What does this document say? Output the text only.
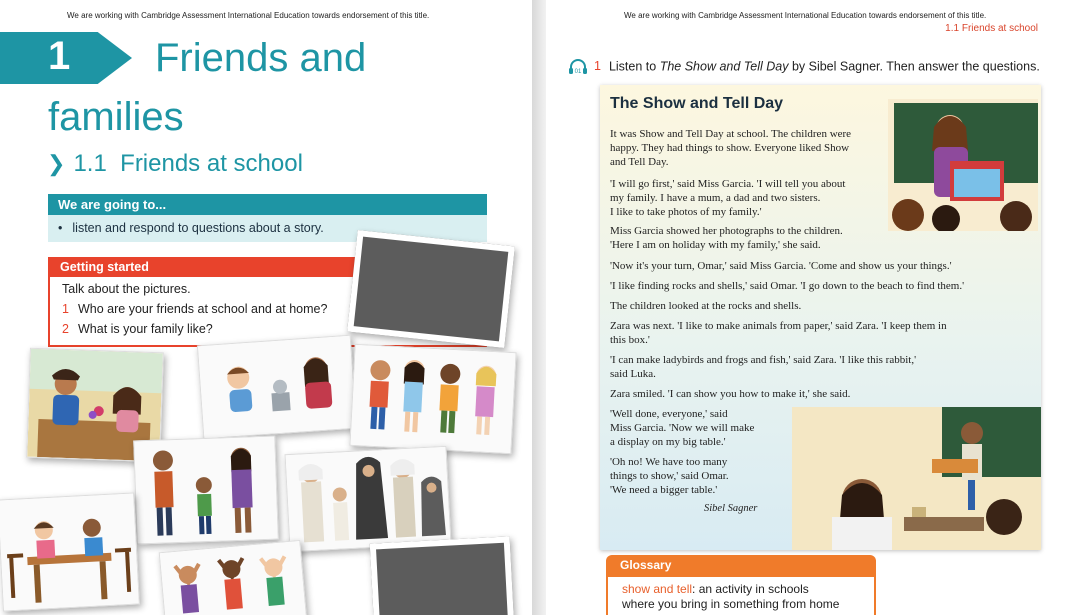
We are working with Cambridge Assessment International Education towards endorsement of this title.
1 Friends and
families
❯ 1.1 Friends at school
We are going to...
• listen and respond to questions about a story.
Getting started
Talk about the pictures.
1 Who are your friends at school and at home?
2 What is your family like?
We are working with Cambridge Assessment International Education towards endorsement of this title.
1.1 Friends at school
01 1 Listen to The Show and Tell Day by Sibel Sagner. Then answer the questions.
The Show and Tell Day
It was Show and Tell Day at school. The children were
happy. They had things to show. Everyone liked Show
and Tell Day.
'I will go first,' said Miss Garcia. 'I will tell you about
my family. I have a mum, a dad and two sisters.
I like to take photos of my family.'
Miss Garcia showed her photographs to the children.
'Here I am on holiday with my family,' she said.
'Now it's your turn, Omar,' said Miss Garcia. 'Come and show us your things.'
'I like finding rocks and shells,' said Omar. 'I go down to the beach to find them.'
The children looked at the rocks and shells.
Zara was next. 'I like to make animals from paper,' said Zara. 'I keep them in
this box.'
'I can make ladybirds and frogs and fish,' said Zara. 'I like this rabbit,'
said Luka.
Zara smiled. 'I can show you how to make it,' she said.
'Well done, everyone,' said
Miss Garcia. 'Now we will make
a display on my big table.'
'Oh no! We have too many
things to show,' said Omar.
'We need a bigger table.'
Sibel Sagner
Glossary
show and tell: an activity in schools
where you bring in something from home
